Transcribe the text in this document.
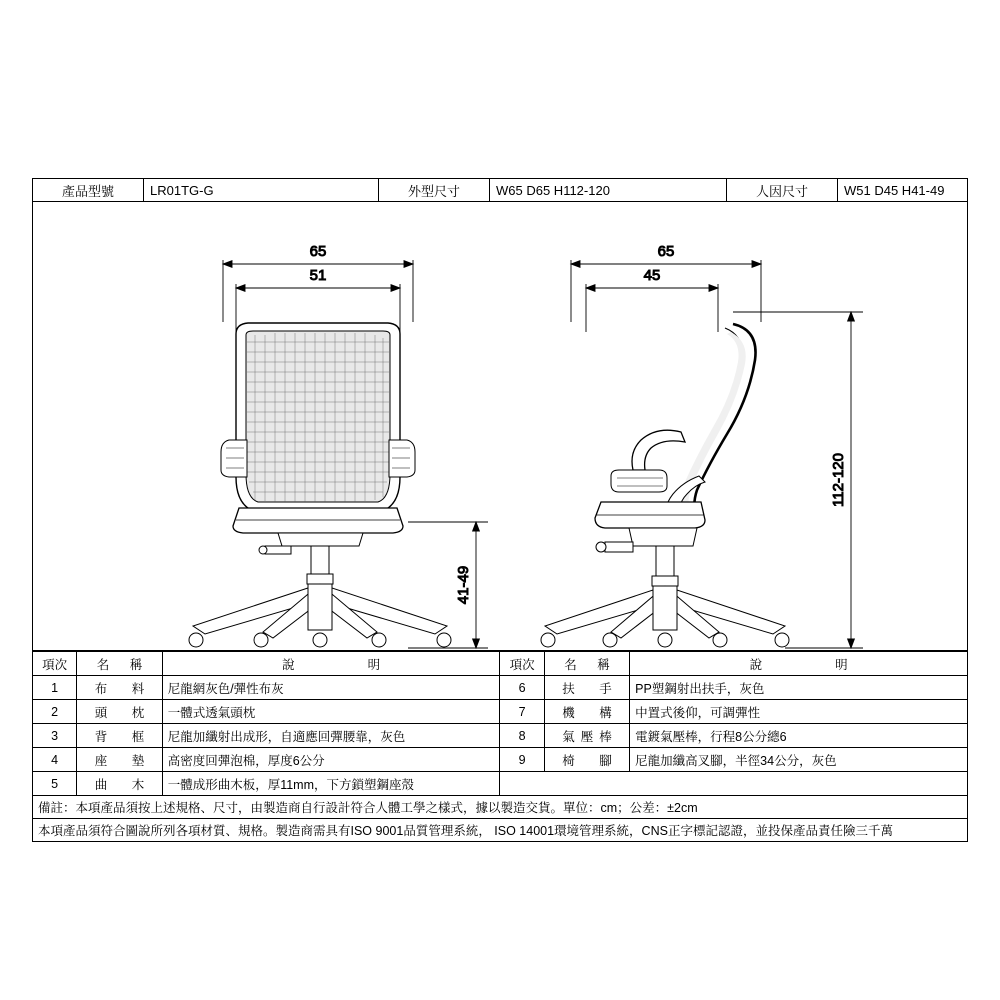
產品型號	LR01TG-G	外型尺寸	W65 D65 H112-120	人因尺寸	W51 D45 H41-49
65
51
41-49
65
45
112-120
項次	名　稱	說　　明	項次	名　稱	說　　明
1	布　料	尼龍網灰色/彈性布灰	6	扶　手	PP塑鋼射出扶手，灰色
2	頭　枕	一體式透氣頭枕	7	機　構	中置式後仰，可調彈性
3	背　框	尼龍加纖射出成形，自適應回彈腰靠，灰色	8	氣壓棒	電鍍氣壓棒，行程8公分總6
4	座　墊	高密度回彈泡棉，厚度6公分	9	椅　腳	尼龍加纖高叉腳，半徑34公分，灰色
5	曲　木	一體成形曲木板，厚11mm，下方鎖塑鋼座殼			
備註：本項產品須按上述規格、尺寸，由製造商自行設計符合人體工學之樣式，據以製造交貨。單位：cm；公差：±2cm					
本項產品須符合圖說所列各項材質、規格。製造商需具有ISO 9001品質管理系統， ISO 14001環境管理系統，CNS正字標記認證，並投保產品責任險三千萬					
